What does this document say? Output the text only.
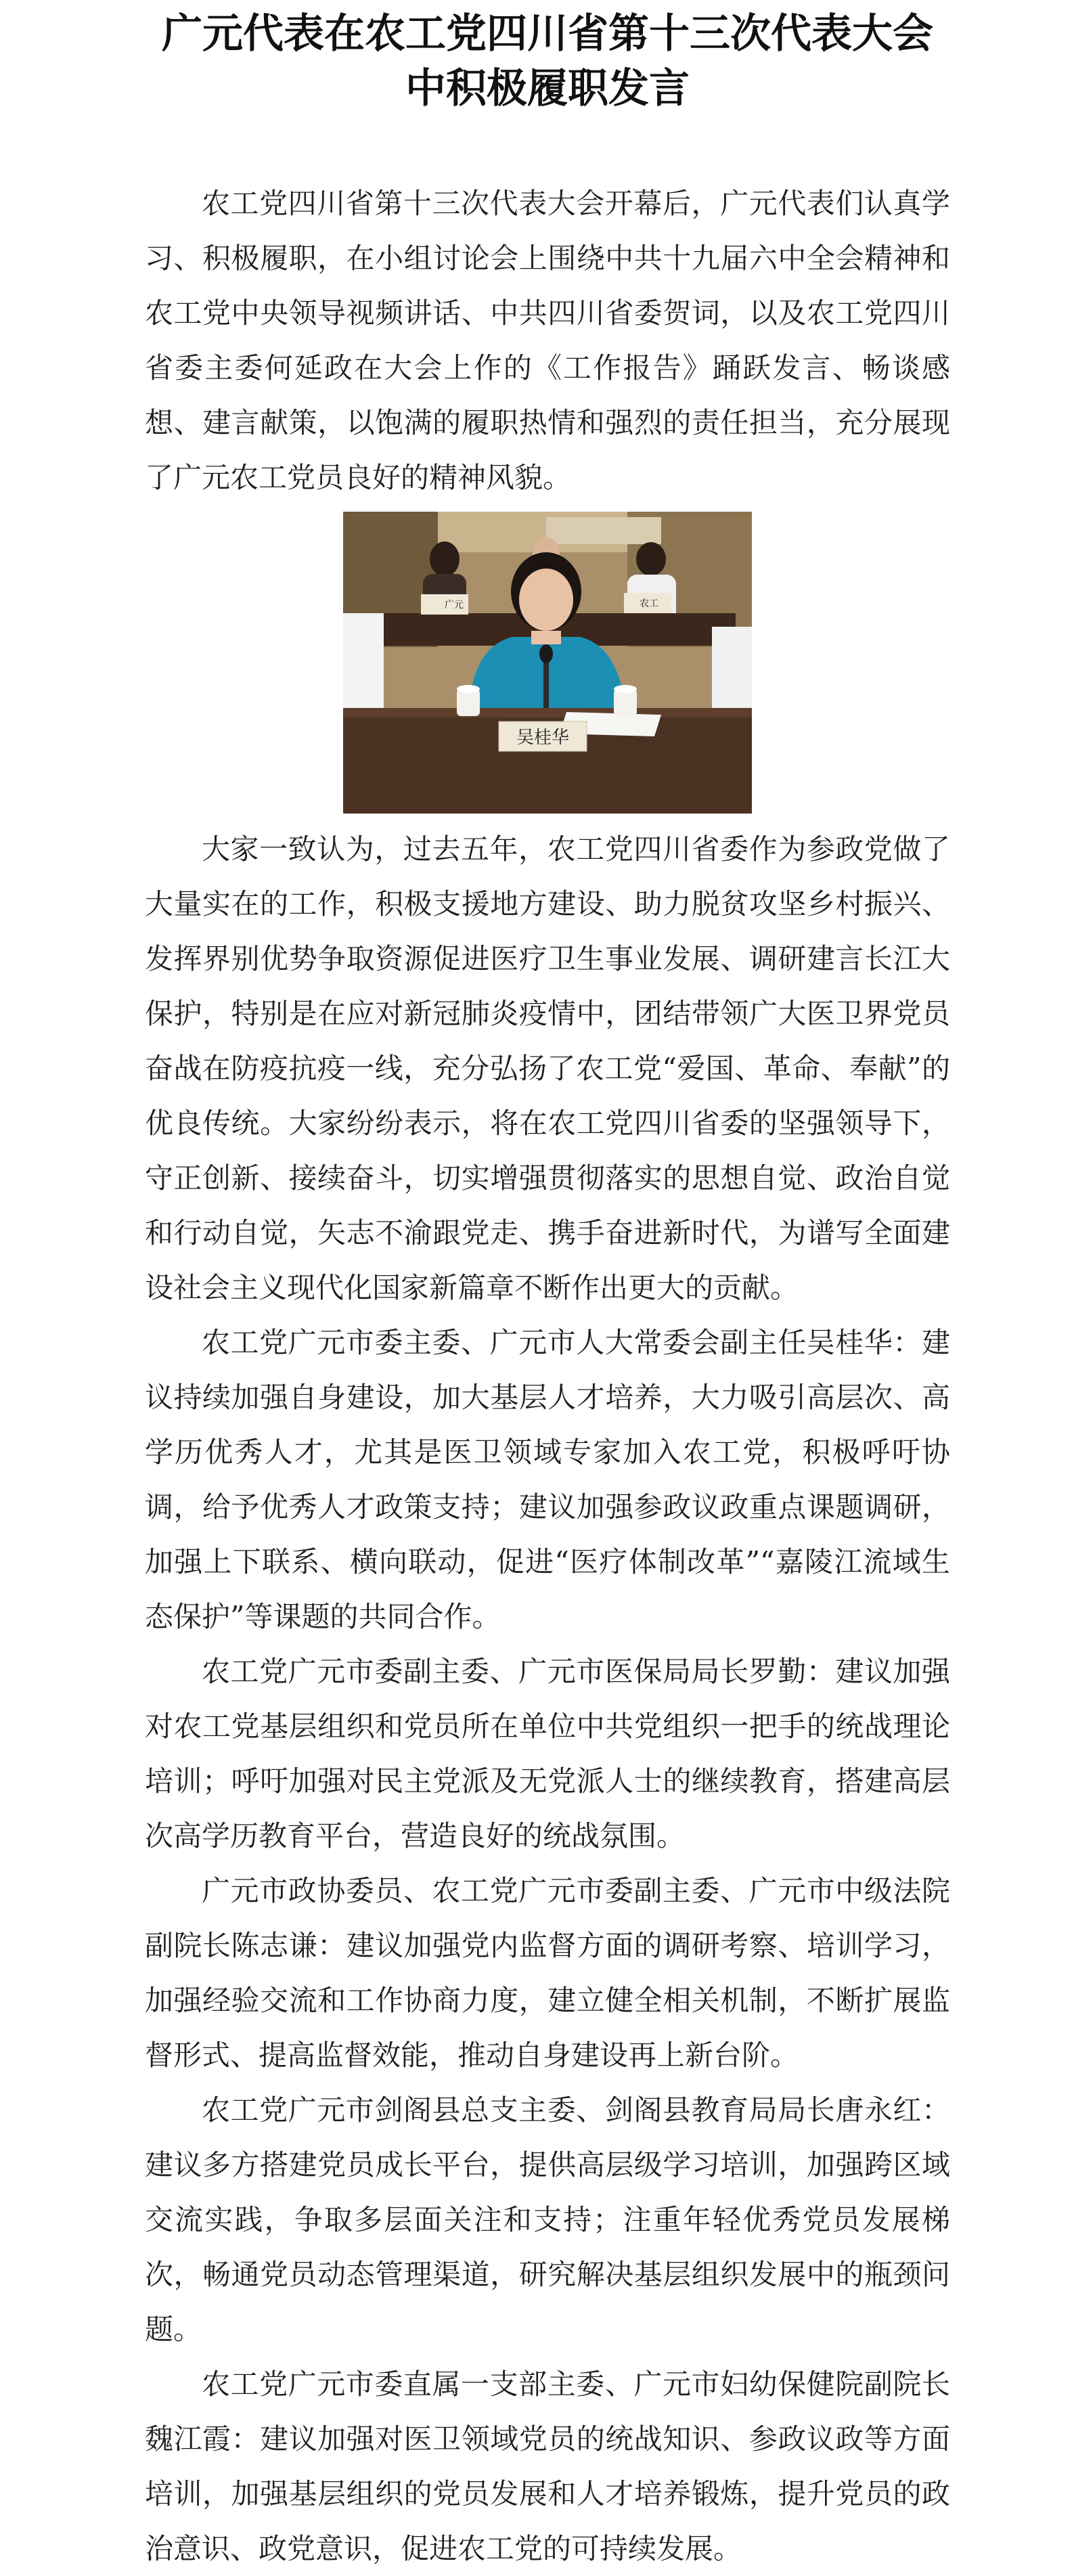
广元代表在农工党四川省第十三次代表大会中积极履职发言

农工党四川省第十三次代表大会开幕后，广元代表们认真学习、积极履职，在小组讨论会上围绕中共十九届六中全会精神和农工党中央领导视频讲话、中共四川省委贺词，以及农工党四川省委主委何延政在大会上作的《工作报告》踊跃发言、畅谈感想、建言献策，以饱满的履职热情和强烈的责任担当，充分展现了广元农工党员良好的精神风貌。

广元	农工
吴桂华

大家一致认为，过去五年，农工党四川省委作为参政党做了大量实在的工作，积极支援地方建设、助力脱贫攻坚乡村振兴、发挥界别优势争取资源促进医疗卫生事业发展、调研建言长江大保护，特别是在应对新冠肺炎疫情中，团结带领广大医卫界党员奋战在防疫抗疫一线，充分弘扬了农工党“爱国、革命、奉献”的优良传统。大家纷纷表示，将在农工党四川省委的坚强领导下，守正创新、接续奋斗，切实增强贯彻落实的思想自觉、政治自觉和行动自觉，矢志不渝跟党走、携手奋进新时代，为谱写全面建设社会主义现代化国家新篇章不断作出更大的贡献。

农工党广元市委主委、广元市人大常委会副主任吴桂华：建议持续加强自身建设，加大基层人才培养，大力吸引高层次、高学历优秀人才，尤其是医卫领域专家加入农工党，积极呼吁协调，给予优秀人才政策支持；建议加强参政议政重点课题调研，加强上下联系、横向联动，促进“医疗体制改革”“嘉陵江流域生态保护”等课题的共同合作。

农工党广元市委副主委、广元市医保局局长罗勤：建议加强对农工党基层组织和党员所在单位中共党组织一把手的统战理论培训；呼吁加强对民主党派及无党派人士的继续教育，搭建高层次高学历教育平台，营造良好的统战氛围。

广元市政协委员、农工党广元市委副主委、广元市中级法院副院长陈志谦：建议加强党内监督方面的调研考察、培训学习，加强经验交流和工作协商力度，建立健全相关机制，不断扩展监督形式、提高监督效能，推动自身建设再上新台阶。

农工党广元市剑阁县总支主委、剑阁县教育局局长唐永红：建议多方搭建党员成长平台，提供高层级学习培训，加强跨区域交流实践，争取多层面关注和支持；注重年轻优秀党员发展梯次，畅通党员动态管理渠道，研究解决基层组织发展中的瓶颈问题。

农工党广元市委直属一支部主委、广元市妇幼保健院副院长魏江霞：建议加强对医卫领域党员的统战知识、参政议政等方面培训，加强基层组织的党员发展和人才培养锻炼，提升党员的政治意识、政党意识，促进农工党的可持续发展。
